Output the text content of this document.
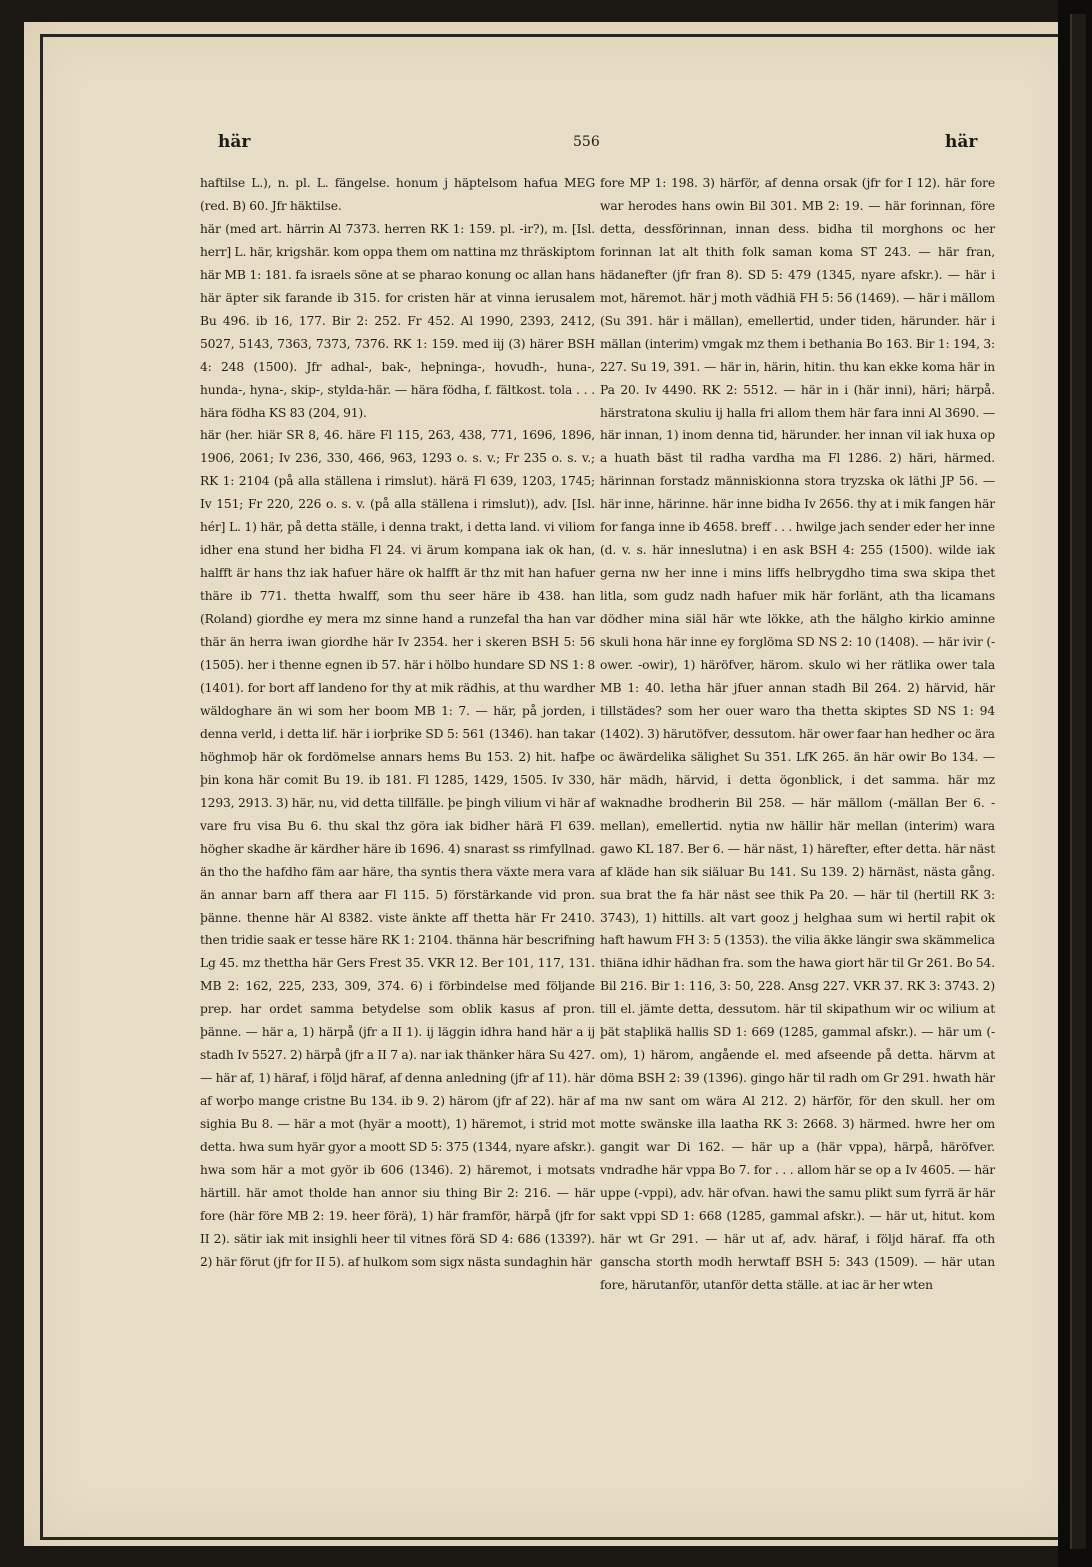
här	556	här

haftilse L.), n. pl. L. fängelse. honum j häptelsom hafua MEG (red. B) 60. Jfr häktilse.

här (med art. härrin Al 7373. herren RK 1: 159. pl. -ir?), m. [Isl. herr] L. här, krigshär. kom oppa them om nattina mz thräskiptom här MB 1: 181. fa israels söne at se pharao konung oc allan hans här äpter sik farande ib 315. for cristen här at vinna ierusalem Bu 496. ib 16, 177. Bir 2: 252. Fr 452. Al 1990, 2393, 2412, 5027, 5143, 7363, 7373, 7376. RK 1: 159. med iij (3) härer BSH 4: 248 (1500). Jfr adhal-, bak-, heþninga-, hovudh-, huna-, hunda-, hyna-, skip-, stylda-här. — hära födha, f. fältkost. tola . . . hära födha KS 83 (204, 91).

här (her. hiär SR 8, 46. häre Fl 115, 263, 438, 771, 1696, 1896, 1906, 2061; Iv 236, 330, 466, 963, 1293 o. s. v.; Fr 235 o. s. v.; RK 1: 2104 (på alla ställena i rimslut). härä Fl 639, 1203, 1745; Iv 151; Fr 220, 226 o. s. v. (på alla ställena i rimslut)), adv. [Isl. hér] L. 1) här, på detta ställe, i denna trakt, i detta land. vi viliom idher ena stund her bidha Fl 24. vi ärum kompana iak ok han, halfft är hans thz iak hafuer häre ok halfft är thz mit han hafuer thäre ib 771. thetta hwalff, som thu seer häre ib 438. han (Roland) giordhe ey mera mz sinne hand a runzefal tha han var thär än herra iwan giordhe här Iv 2354. her i skeren BSH 5: 56 (1505). her i thenne egnen ib 57. här i hölbo hundare SD NS 1: 8 (1401). for bort aff landeno for thy at mik rädhis, at thu wardher wäldoghare än wi som her boom MB 1: 7. — här, på jorden, i denna verld, i detta lif. här i iorþrike SD 5: 561 (1346). han takar höghmoþ här ok fordömelse annars hems Bu 153. 2) hit. hafþe þin kona här comit Bu 19. ib 181. Fl 1285, 1429, 1505. Iv 330, 1293, 2913. 3) här, nu, vid detta tillfälle. þe þingh vilium vi här af vare fru visa Bu 6. thu skal thz göra iak bidher härä Fl 639. högher skadhe är kärdher häre ib 1696. 4) snarast ss rimfyllnad. än tho the hafdho fäm aar häre, tha syntis thera växte mera vara än annar barn aff thera aar Fl 115. 5) förstärkande vid pron. þänne. thenne här Al 8382. viste änkte aff thetta här Fr 2410. then tridie saak er tesse häre RK 1: 2104. thänna här bescrifning Lg 45. mz thettha här Gers Frest 35. VKR 12. Ber 101, 117, 131. MB 2: 162, 225, 233, 309, 374. 6) i förbindelse med följande prep. har ordet samma betydelse som oblik kasus af pron. þänne. — här a, 1) härpå (jfr a II 1). ij läggin idhra hand här a ij stadh Iv 5527. 2) härpå (jfr a II 7 a). nar iak thänker hära Su 427. — här af, 1) häraf, i följd häraf, af denna anledning (jfr af 11). här af worþo mange cristne Bu 134. ib 9. 2) härom (jfr af 22). här af sighia Bu 8. — här a mot (hyär a moott), 1) häremot, i strid mot detta. hwa sum hyär gyor a moott SD 5: 375 (1344, nyare afskr.). hwa som här a mot györ ib 606 (1346). 2) häremot, i motsats härtill. här amot tholde han annor siu thing Bir 2: 216. — här fore (här före MB 2: 19. heer förä), 1) här framför, härpå (jfr for II 2). sätir iak mit insighli heer til vitnes förä SD 4: 686 (1339?). 2) här förut (jfr for II 5). af hulkom som sigx nästa sundaghin här

fore MP 1: 198. 3) härför, af denna orsak (jfr for I 12). här fore war herodes hans owin Bil 301. MB 2: 19. — här forinnan, före detta, dessförinnan, innan dess. bidha til morghons oc her forinnan lat alt thith folk saman koma ST 243. — här fran, hädanefter (jfr fran 8). SD 5: 479 (1345, nyare afskr.). — här i mot, häremot. här j moth vädhiä FH 5: 56 (1469). — här i mällom (Su 391. här i mällan), emellertid, under tiden, härunder. här i mällan (interim) vmgak mz them i bethania Bo 163. Bir 1: 194, 3: 227. Su 19, 391. — här in, härin, hitin. thu kan ekke koma här in Pa 20. Iv 4490. RK 2: 5512. — här in i (här inni), häri; härpå. härstratona skuliu ij halla fri allom them här fara inni Al 3690. — här innan, 1) inom denna tid, härunder. her innan vil iak huxa op a huath bäst til radha vardha ma Fl 1286. 2) häri, härmed. härinnan forstadz människionna stora tryzska ok läthi JP 56. — här inne, härinne. här inne bidha Iv 2656. thy at i mik fangen här for fanga inne ib 4658. breff . . . hwilge jach sender eder her inne (d. v. s. här inneslutna) i en ask BSH 4: 255 (1500). wilde iak gerna nw her inne i mins liffs helbrygdho tima swa skipa thet litla, som gudz nadh hafuer mik här forlänt, ath tha licamans dödher mina siäl här wte lökke, ath the hälgho kirkio aminne skuli hona här inne ey forglöma SD NS 2: 10 (1408). — här ivir (-ower. -owir), 1) häröfver, härom. skulo wi her rätlika ower tala MB 1: 40. letha här jfuer annan stadh Bil 264. 2) härvid, här tillstädes? som her ouer waro tha thetta skiptes SD NS 1: 94 (1402). 3) härutöfver, dessutom. här ower faar han hedher oc ära oc äwärdelika sälighet Su 351. LfK 265. än här owir Bo 134. — här mädh, härvid, i detta ögonblick, i det samma. här mz waknadhe brodherin Bil 258. — här mällom (-mällan Ber 6. -mellan), emellertid. nytia nw hällir här mellan (interim) wara gawo KL 187. Ber 6. — här näst, 1) härefter, efter detta. här näst af kläde han sik siäluar Bu 141. Su 139. 2) härnäst, nästa gång. sua brat the fa här näst see thik Pa 20. — här til (hertill RK 3: 3743), 1) hittills. alt vart gooz j helghaa sum wi hertil raþit ok haft hawum FH 3: 5 (1353). the vilia äkke längir swa skämmelica thiäna idhir hädhan fra. som the hawa giort här til Gr 261. Bo 54. Bil 216. Bir 1: 116, 3: 50, 228. Ansg 227. VKR 37. RK 3: 3743. 2) till el. jämte detta, dessutom. här til skipathum wir oc wilium at þät staþlikä hallis SD 1: 669 (1285, gammal afskr.). — här um (-om), 1) härom, angående el. med afseende på detta. härvm at döma BSH 2: 39 (1396). gingo här til radh om Gr 291. hwath här ma nw sant om wära Al 212. 2) härför, för den skull. her om motte swänske illa laatha RK 3: 2668. 3) härmed. hwre her om gangit war Di 162. — här up a (här vppa), härpå, häröfver. vndradhe här vppa Bo 7. for . . . allom här se op a Iv 4605. — här uppe (-vppi), adv. här ofvan. hawi the samu plikt sum fyrrä är här sakt vppi SD 1: 668 (1285, gammal afskr.). — här ut, hitut. kom här wt Gr 291. — här ut af, adv. häraf, i följd häraf. ffa oth ganscha storth modh herwtaff BSH 5: 343 (1509). — här utan fore, härutanför, utanför detta ställe. at iac är her wten
